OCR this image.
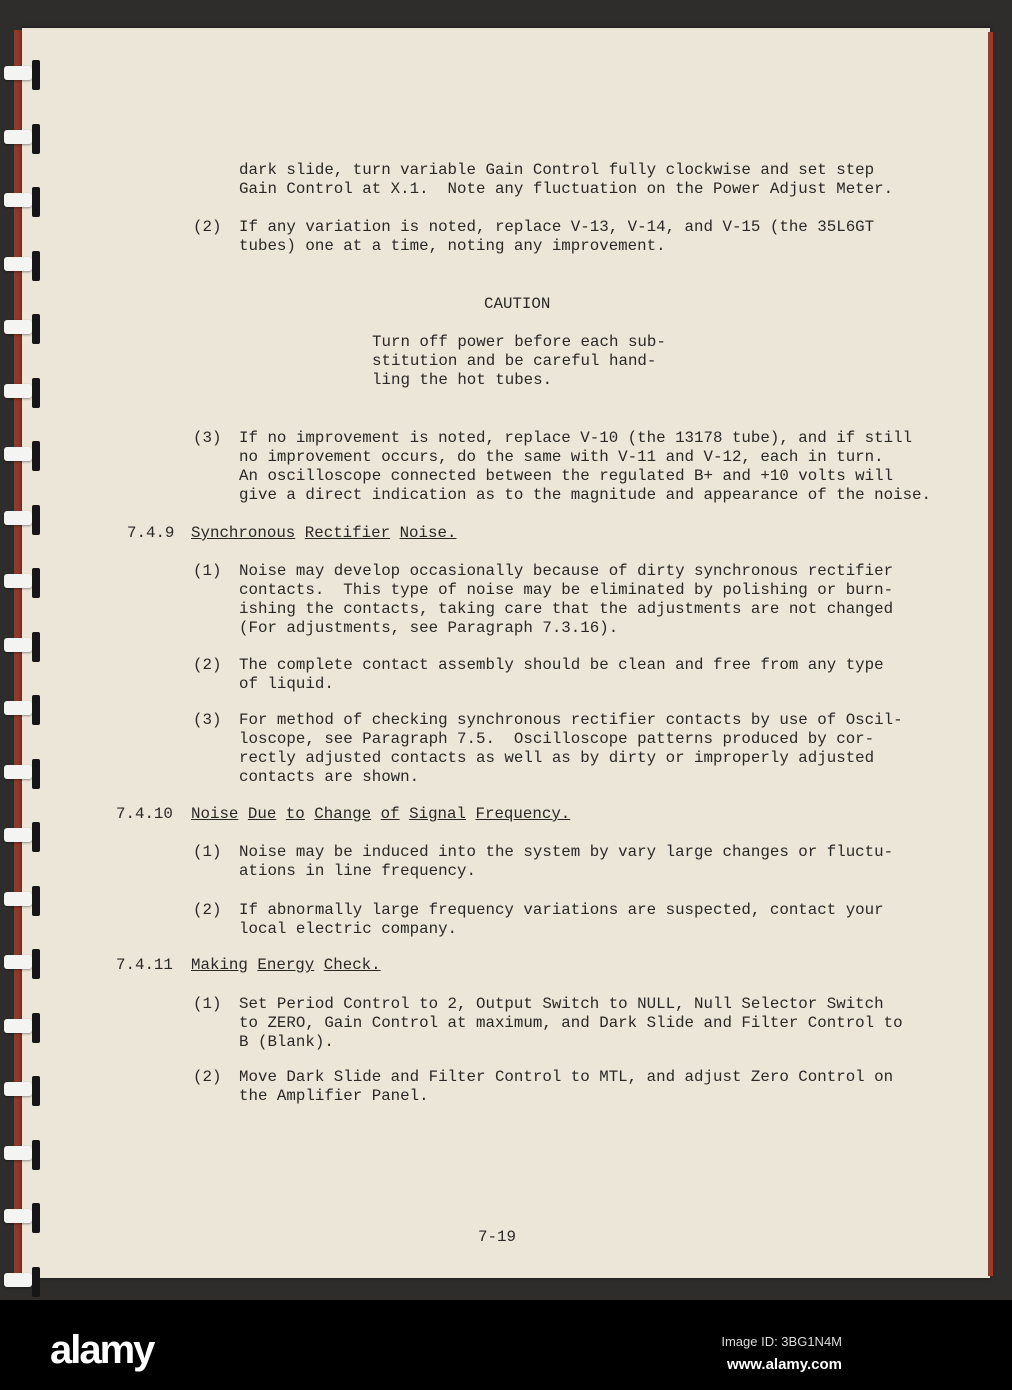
dark slide, turn variable Gain Control fully clockwise and set step
Gain Control at X.1.  Note any fluctuation on the Power Adjust Meter.
(2) If any variation is noted, replace V-13, V-14, and V-15 (the 35L6GT
tubes) one at a time, noting any improvement.
(3) If no improvement is noted, replace V-10 (the 13178 tube), and if still
no improvement occurs, do the same with V-11 and V-12, each in turn.
An oscilloscope connected between the regulated B+ and +10 volts will
give a direct indication as to the magnitude and appearance of the noise.
(1) Noise may develop occasionally because of dirty synchronous rectifier
contacts.  This type of noise may be eliminated by polishing or burn-
ishing the contacts, taking care that the adjustments are not changed
(For adjustments, see Paragraph 7.3.16).
(2) The complete contact assembly should be clean and free from any type
of liquid.
(3) For method of checking synchronous rectifier contacts by use of Oscil-
loscope, see Paragraph 7.5.  Oscilloscope patterns produced by cor-
rectly adjusted contacts as well as by dirty or improperly adjusted
contacts are shown.
(1) Noise may be induced into the system by vary large changes or fluctu-
ations in line frequency.
(2) If abnormally large frequency variations are suspected, contact your
local electric company.
(1) Set Period Control to 2, Output Switch to NULL, Null Selector Switch
to ZERO, Gain Control at maximum, and Dark Slide and Filter Control to
B (Blank).
(2) Move Dark Slide and Filter Control to MTL, and adjust Zero Control on
the Amplifier Panel.
CAUTION
Turn off power before each sub-
stitution and be careful hand-
ling the hot tubes.
7.4.9 Synchronous Rectifier Noise.
7.4.10 Noise Due to Change of Signal Frequency.
7.4.11 Making Energy Check.
7-19
alamy	Image ID: 3BG1N4M
www.alamy.com
